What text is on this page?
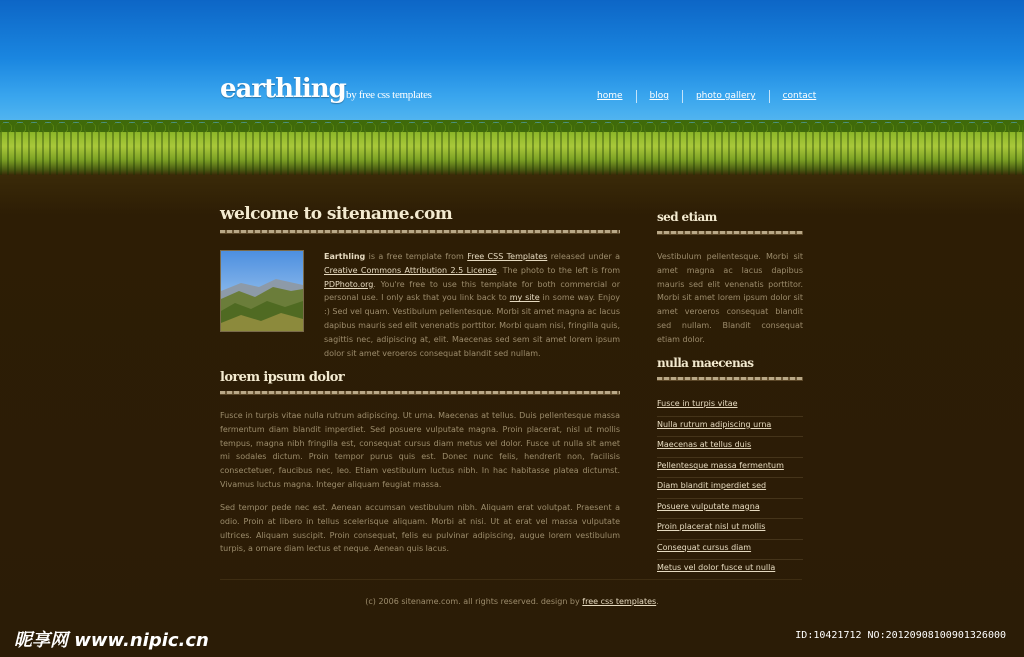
earthling by free css templates	home	blog	photo gallery	contact
welcome to sitename.com
Earthling is a free template from Free CSS Templates released under a Creative Commons Attribution 2.5 License. The photo to the left is from PDPhoto.org. You're free to use this template for both commercial or personal use. I only ask that you link back to my site in some way. Enjoy :) Sed vel quam. Vestibulum pellentesque. Morbi sit amet magna ac lacus dapibus mauris sed elit venenatis porttitor. Morbi quam nisi, fringilla quis, sagittis nec, adipiscing at, elit. Maecenas sed sem sit amet lorem ipsum dolor sit amet veroeros consequat blandit sed nullam.
lorem ipsum dolor
Fusce in turpis vitae nulla rutrum adipiscing. Ut urna. Maecenas at tellus. Duis pellentesque massa fermentum diam blandit imperdiet. Sed posuere vulputate magna. Proin placerat, nisl ut mollis tempus, magna nibh fringilla est, consequat cursus diam metus vel dolor. Fusce ut nulla sit amet mi sodales dictum. Proin tempor purus quis est. Donec nunc felis, hendrerit non, facilisis consectetuer, faucibus nec, leo. Etiam vestibulum luctus nibh. In hac habitasse platea dictumst. Vivamus luctus magna. Integer aliquam feugiat massa.
Sed tempor pede nec est. Aenean accumsan vestibulum nibh. Aliquam erat volutpat. Praesent a odio. Proin at libero in tellus scelerisque aliquam. Morbi at nisi. Ut at erat vel massa vulputate ultrices. Aliquam suscipit. Proin consequat, felis eu pulvinar adipiscing, augue lorem vestibulum turpis, a ornare diam lectus et neque. Aenean quis lacus.
sed etiam
Vestibulum pellentesque. Morbi sit amet magna ac lacus dapibus mauris sed elit venenatis porttitor. Morbi sit amet lorem ipsum dolor sit amet veroeros consequat blandit sed nullam. Blandit consequat etiam dolor.
nulla maecenas
Fusce in turpis vitae
Nulla rutrum adipiscing urna
Maecenas at tellus duis
Pellentesque massa fermentum
Diam blandit imperdiet sed
Posuere vulputate magna
Proin placerat nisl ut mollis
Consequat cursus diam
Metus vel dolor fusce ut nulla
(c) 2006 sitename.com. all rights reserved. design by free css templates.
昵享网 www.nipic.cn	ID:10421712 NO:20120908100901326000
